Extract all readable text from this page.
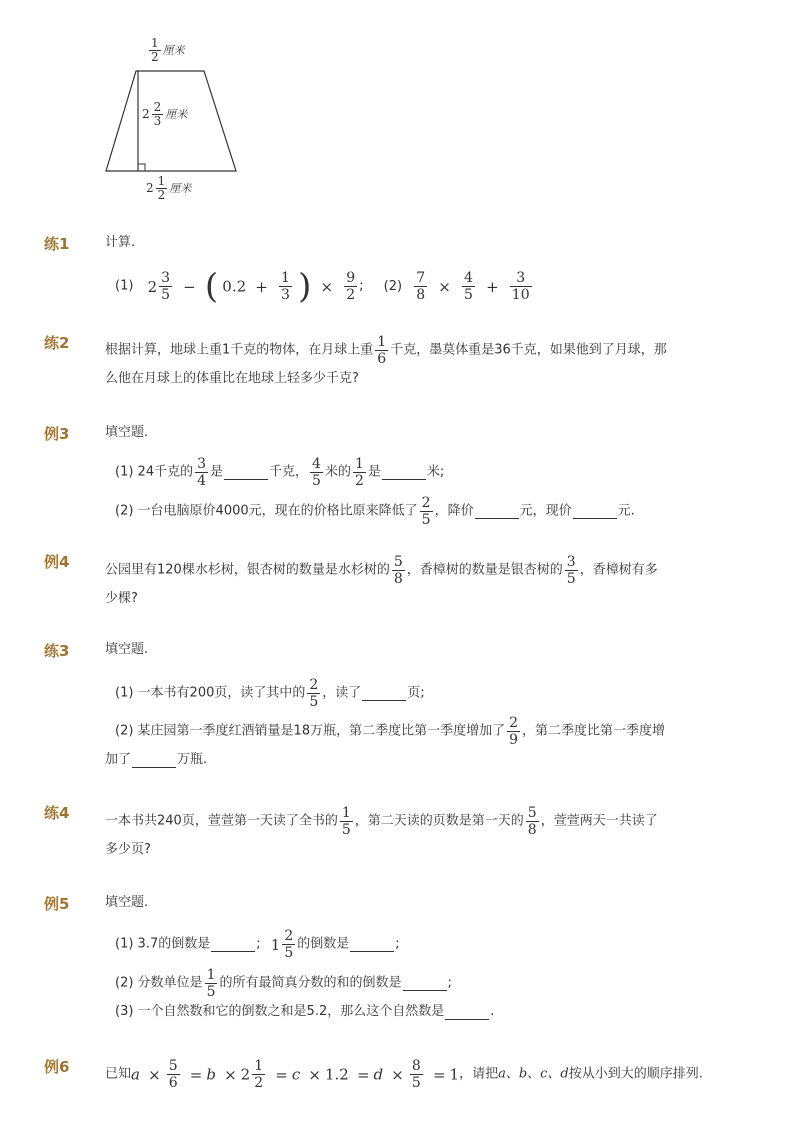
$\frac{1}{2}$ 厘米
$2 \frac{2}{3}$ 厘米
$2 \frac{1}{2}$ 厘米
练1	计算.
(1) $2 \frac{3}{5}$ − ( $0.2 + \frac{1}{3}$ ) × $\frac{9}{2}$ ; $(2) \frac{7}{8} \times \frac{4}{5} + \frac{3}{10}$
练2	根据计算，地球上重1千克的物体，在月球上重 $\frac{1}{6}$ 千克，墨莫体重是36千克，如果他到了月球，那
么他在月球上的体重比在地球上轻多少千克?
例3	填空题.
(1) 24千克的 $\frac{3}{4}$ 是	千克， $\frac{4}{5}$ 米的 $\frac{1}{2}$ 是	米;
(2) 一台电脑原价4000元，现在的价格比原来降低了 $\frac{2}{5}$ ，降价	元，现价	元.
例4	公园里有120棵水杉树，银杏树的数量是水杉树的 $\frac{5}{8}$ ，香樟树的数量是银杏树的 $\frac{3}{5}$ ，香樟树有多
少棵?
练3	填空题.
(1) 一本书有200页，读了其中的 $\frac{2}{5}$ ，读了	页;
(2) 某庄园第一季度红酒销量是18万瓶，第二季度比第一季度增加了 $\frac{2}{9}$ ，第二季度比第一季度增
加了	万瓶.
练4	一本书共240页，萱萱第一天读了全书的 $\frac{1}{5}$ ，第二天读的页数是第一天的 $\frac{5}{8}$ ，萱萱两天一共读了
多少页?
例5	填空题.
(1) 3.7的倒数是	; $1 \frac{2}{5}$ 的倒数是	;
(2) 分数单位是 $\frac{1}{5}$ 的所有最简真分数的和的倒数是	;
(3) 一个自然数和它的倒数之和是5.2，那么这个自然数是	.
例6	已知$a \times \frac{5}{6} = b \times 2 \frac{1}{2} = c \times 1.2 = d \times \frac{8}{5} = 1$，请把a、b、c、d按从小到大的顺序排列.
